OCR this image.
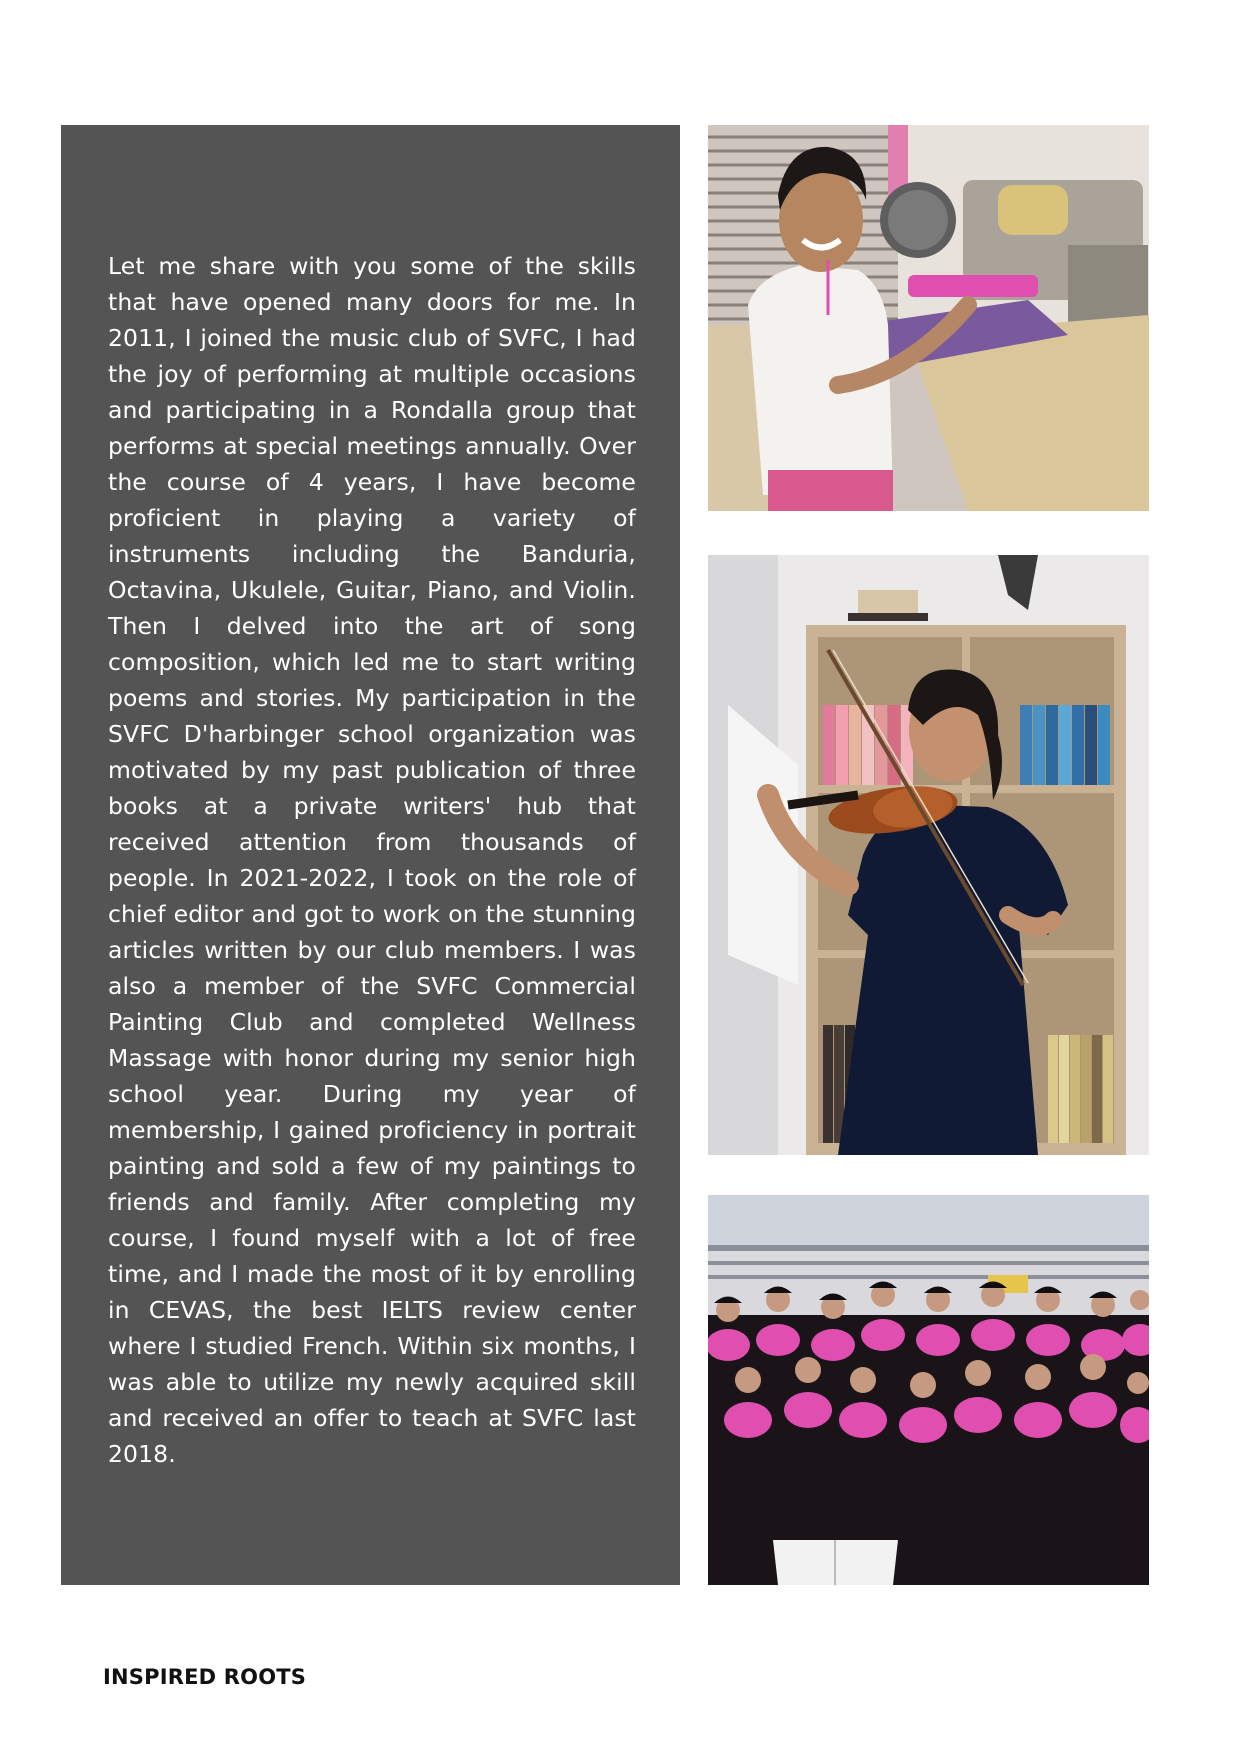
Let me share with you some of the skills that have opened many doors for me. In 2011, I joined the music club of SVFC, I had the joy of performing at multiple occasions and participating in a Rondalla group that performs at special meetings annually. Over the course of 4 years, I have become proficient in playing a variety of instruments including the Banduria, Octavina, Ukulele, Guitar, Piano, and Violin. Then I delved into the art of song composition, which led me to start writing poems and stories. My participation in the SVFC D'harbinger school organization was motivated by my past publication of three books at a private writers' hub that received attention from thousands of people. In 2021-2022, I took on the role of chief editor and got to work on the stunning articles written by our club members. I was also a member of the SVFC Commercial Painting Club and completed Wellness Massage with honor during my senior high school year. During my year of membership, I gained proficiency in portrait painting and sold a few of my paintings to friends and family. After completing my course, I found myself with a lot of free time, and I made the most of it by enrolling in CEVAS, the best IELTS review center where I studied French. Within six months, I was able to utilize my newly acquired skill and received an offer to teach at SVFC last 2018.

INSPIRED ROOTS
